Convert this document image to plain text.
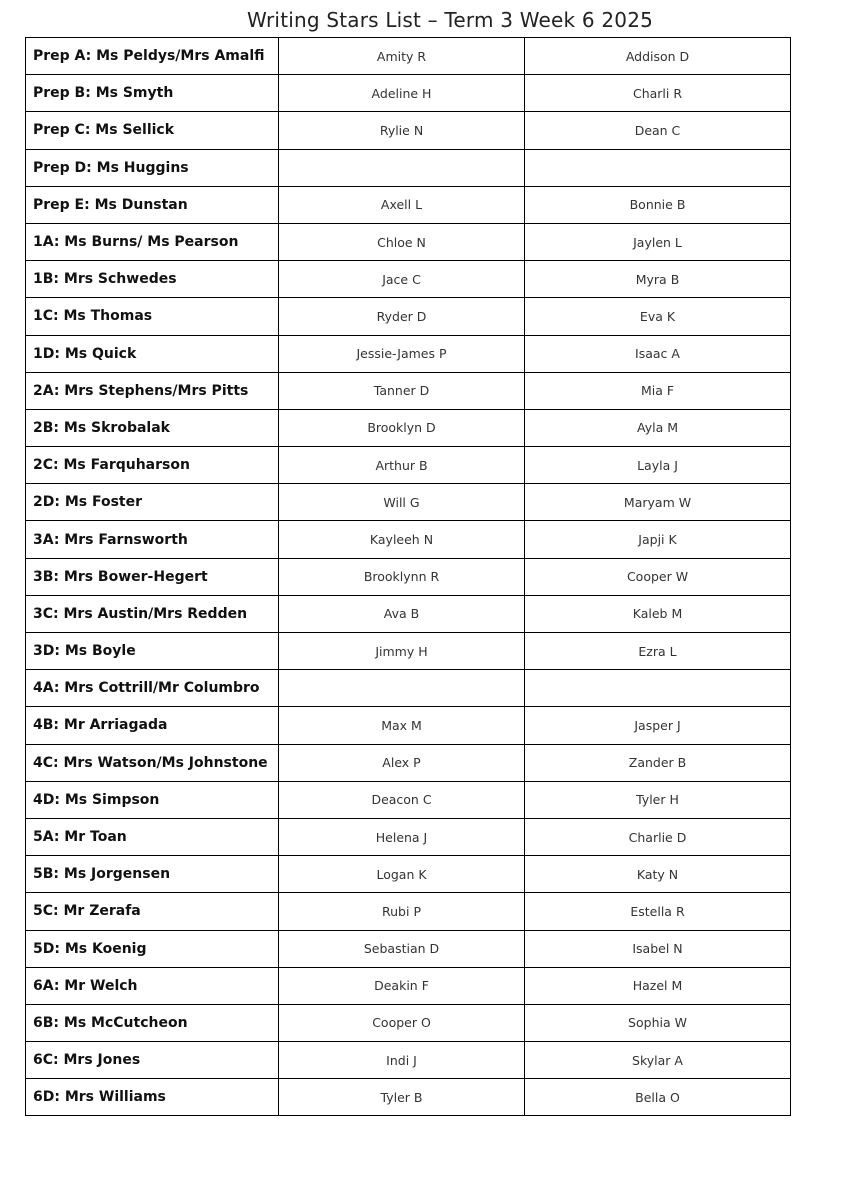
Writing Stars List – Term 3 Week 6 2025
Prep A: Ms Peldys/Mrs Amalfi	Amity R	Addison D
Prep B: Ms Smyth	Adeline H	Charli R
Prep C: Ms Sellick	Rylie N	Dean C
Prep D: Ms Huggins		
Prep E: Ms Dunstan	Axell L	Bonnie B
1A: Ms Burns/ Ms Pearson	Chloe N	Jaylen L
1B: Mrs Schwedes	Jace C	Myra B
1C: Ms Thomas	Ryder D	Eva K
1D: Ms Quick	Jessie-James P	Isaac A
2A: Mrs Stephens/Mrs Pitts	Tanner D	Mia F
2B: Ms Skrobalak	Brooklyn D	Ayla M
2C: Ms Farquharson	Arthur B	Layla J
2D: Ms Foster	Will G	Maryam W
3A: Mrs Farnsworth	Kayleeh N	Japji K
3B: Mrs Bower-Hegert	Brooklynn R	Cooper W
3C: Mrs Austin/Mrs Redden	Ava B	Kaleb M
3D: Ms Boyle	Jimmy H	Ezra L
4A: Mrs Cottrill/Mr Columbro		
4B: Mr Arriagada	Max M	Jasper J
4C: Mrs Watson/Ms Johnstone	Alex P	Zander B
4D: Ms Simpson	Deacon C	Tyler H
5A: Mr Toan	Helena J	Charlie D
5B: Ms Jorgensen	Logan K	Katy N
5C: Mr Zerafa	Rubi P	Estella R
5D: Ms Koenig	Sebastian D	Isabel N
6A: Mr Welch	Deakin F	Hazel M
6B: Ms McCutcheon	Cooper O	Sophia W
6C: Mrs Jones	Indi J	Skylar A
6D: Mrs Williams	Tyler B	Bella O
